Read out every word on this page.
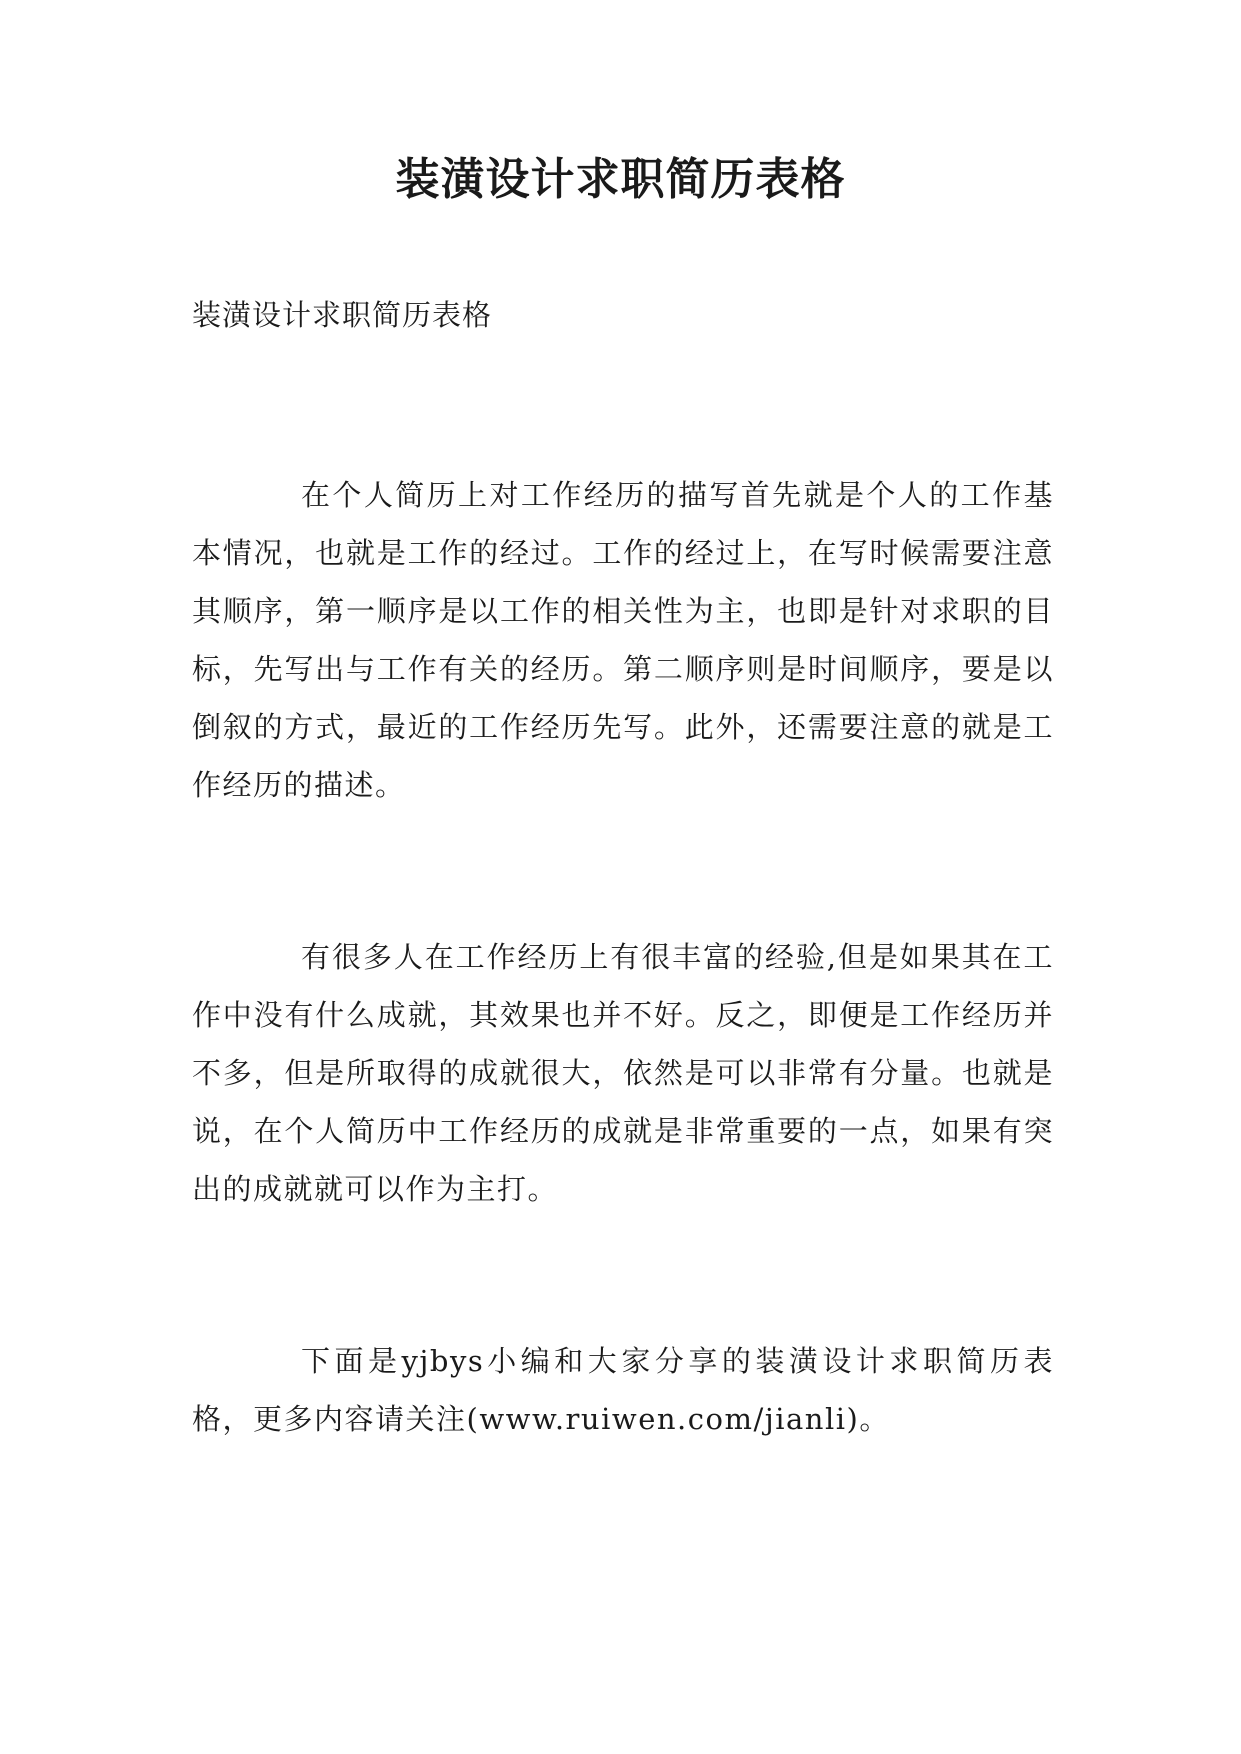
装潢设计求职简历表格

装潢设计求职简历表格

在个人简历上对工作经历的描写首先就是个人的工作基本情况，也就是工作的经过。工作的经过上，在写时候需要注意其顺序，第一顺序是以工作的相关性为主，也即是针对求职的目标，先写出与工作有关的经历。第二顺序则是时间顺序，要是以倒叙的方式，最近的工作经历先写。此外，还需要注意的就是工作经历的描述。

有很多人在工作经历上有很丰富的经验,但是如果其在工作中没有什么成就，其效果也并不好。反之，即便是工作经历并不多，但是所取得的成就很大，依然是可以非常有分量。也就是说，在个人简历中工作经历的成就是非常重要的一点，如果有突出的成就就可以作为主打。

下面是yjbys小编和大家分享的装潢设计求职简历表格，更多内容请关注(www.ruiwen.com/jianli)。
